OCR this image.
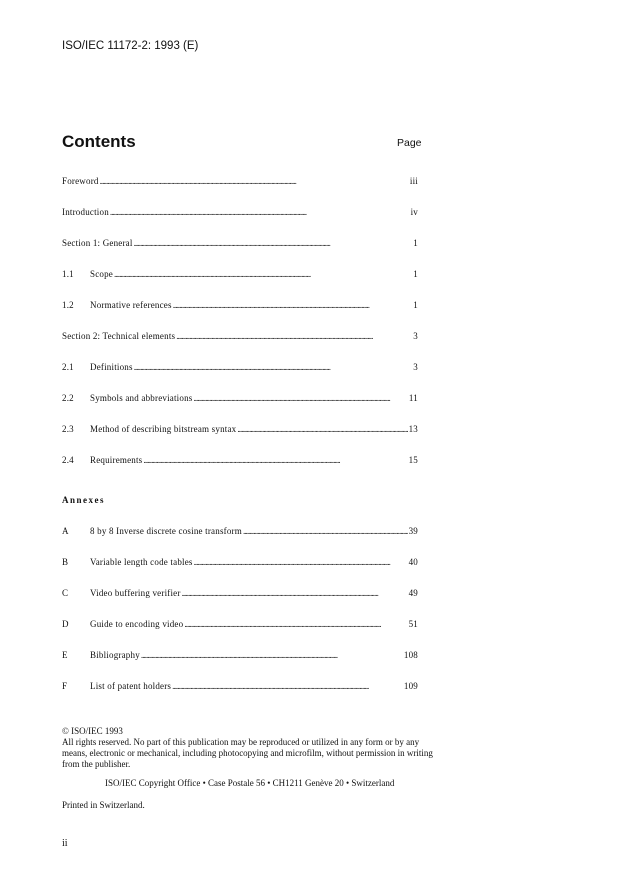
ISO/IEC 11172-2: 1993 (E)
Contents	Page
Foreword . . .	iii
Introduction . . .	iv
Section 1: General . . .	1
1.1	Scope . . .	1
1.2	Normative references . . .	1
Section 2: Technical elements . . .	3
2.1	Definitions . . .	3
2.2	Symbols and abbreviations . . .	11
2.3	Method of describing bitstream syntax . . .	13
2.4	Requirements . . .	15
Annexes
A	8 by 8 Inverse discrete cosine transform . . .	39
B	Variable length code tables . . .	40
C	Video buffering verifier . . .	49
D	Guide to encoding video . . .	51
E	Bibliography . . .	108
F	List of patent holders . . .	109

© ISO/IEC 1993

All rights reserved. No part of this publication may be reproduced or utilized in any form or by any means, electronic or mechanical, including photocopying and microfilm, without permission in writing from the publisher.

ISO/IEC Copyright Office • Case Postale 56 • CH1211 Genève 20 • Switzerland
Printed in Switzerland.
ii
